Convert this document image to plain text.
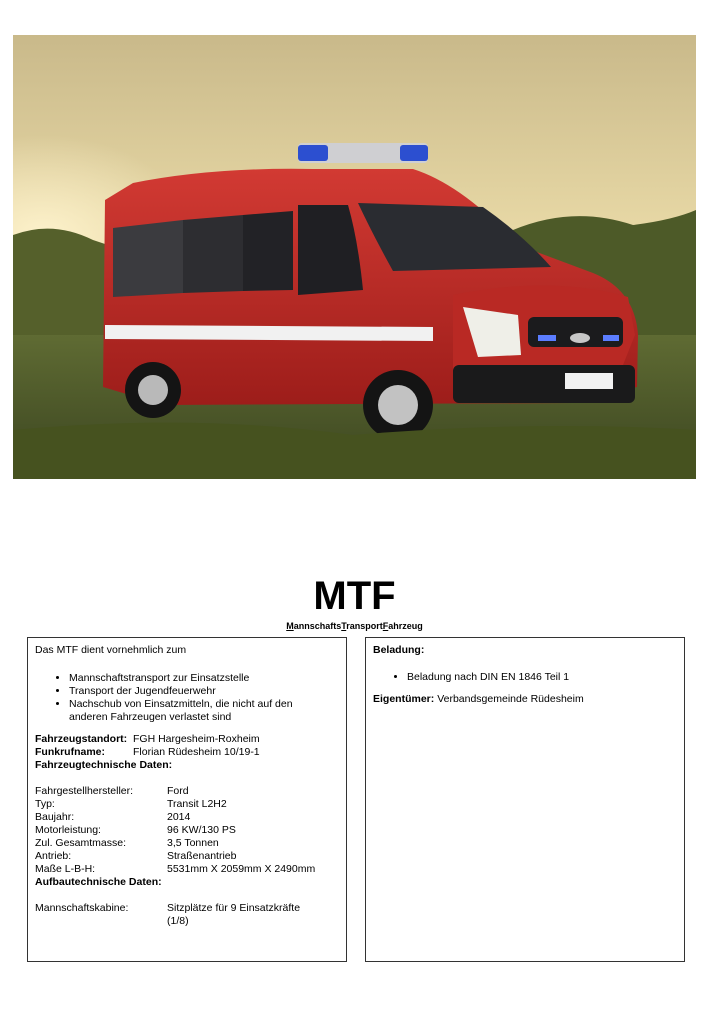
MTF
MannschaftsTransportFahrzeug

Das MTF dient vornehmlich zum

• Mannschaftstransport zur Einsatzstelle
• Transport der Jugendfeuerwehr
• Nachschub von Einsatzmitteln, die nicht auf den
anderen Fahrzeugen verlastet sind
Fahrzeugstandort: FGH Hargesheim-Roxheim
Funkrufname:	Florian Rüdesheim 10/19-1

Fahrzeugtechnische Daten:

Fahrgestellhersteller:	Ford
Typ:	Transit L2H2
Baujahr:	2014
Motorleistung:	96 KW/130 PS
Zul. Gesamtmasse:	3,5 Tonnen
Antrieb:	Straßenantrieb
Maße L-B-H:	5531mm X 2059mm X 2490mm

Aufbautechnische Daten:

Mannschaftskabine:	Sitzplätze für 9 Einsatzkräfte
(1/8)

Beladung:

• Beladung nach DIN EN 1846 Teil 1

Eigentümer: Verbandsgemeinde Rüdesheim
